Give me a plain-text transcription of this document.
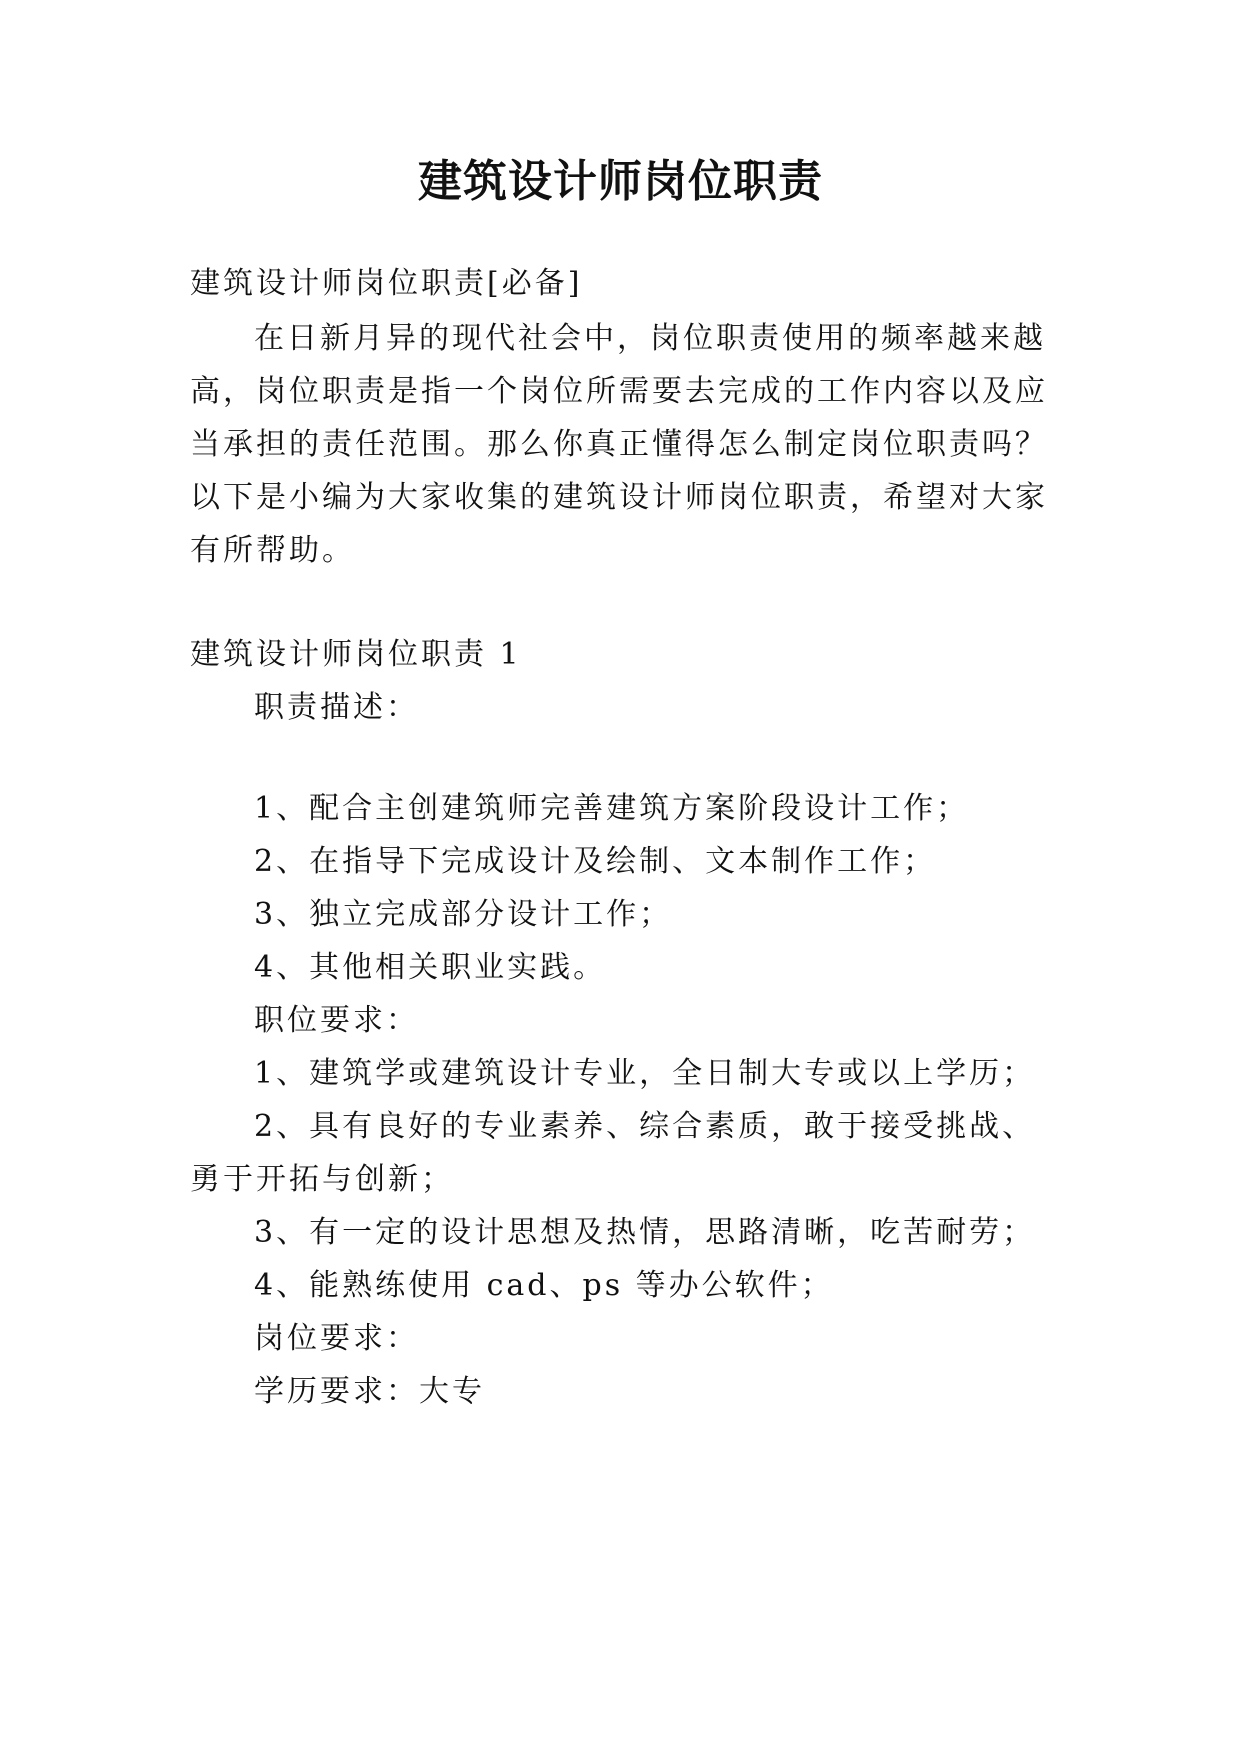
建筑设计师岗位职责

建筑设计师岗位职责[必备]

在日新月异的现代社会中，岗位职责使用的频率越来越

高，岗位职责是指一个岗位所需要去完成的工作内容以及应

当承担的责任范围。那么你真正懂得怎么制定岗位职责吗？

以下是小编为大家收集的建筑设计师岗位职责，希望对大家

有所帮助。

建筑设计师岗位职责 1

职责描述：

1、配合主创建筑师完善建筑方案阶段设计工作；

2、在指导下完成设计及绘制、文本制作工作；

3、独立完成部分设计工作；

4、其他相关职业实践。

职位要求：

1、建筑学或建筑设计专业，全日制大专或以上学历；

2、具有良好的专业素养、综合素质，敢于接受挑战、

勇于开拓与创新；

3、有一定的设计思想及热情，思路清晰，吃苦耐劳；

4、能熟练使用 cad、ps 等办公软件；

岗位要求：

学历要求：大专
